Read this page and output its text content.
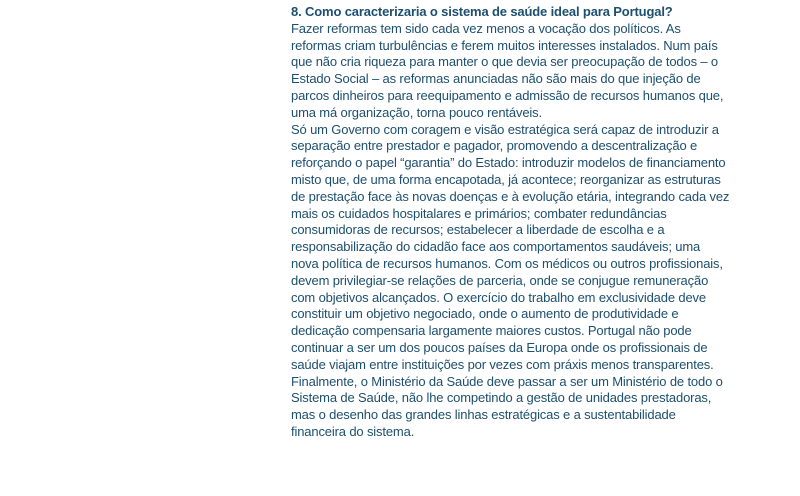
8. Como caracterizaria o sistema de saúde ideal para Portugal?

Fazer reformas tem sido cada vez menos a vocação dos políticos. As reformas criam turbulências e ferem muitos interesses instalados. Num país que não cria riqueza para manter o que devia ser preocupação de todos – o Estado Social – as reformas anunciadas não são mais do que injeção de parcos dinheiros para reequipamento e admissão de recursos humanos que, uma má organização, torna pouco rentáveis.

Só um Governo com coragem e visão estratégica será capaz de introduzir a separação entre prestador e pagador, promovendo a descentralização e reforçando o papel “garantia” do Estado: introduzir modelos de financiamento misto que, de uma forma encapotada, já acontece; reorganizar as estruturas de prestação face às novas doenças e à evolução etária, integrando cada vez mais os cuidados hospitalares e primários; combater redundâncias consumidoras de recursos; estabelecer a liberdade de escolha e a responsabilização do cidadão face aos comportamentos saudáveis; uma nova política de recursos humanos. Com os médicos ou outros profissionais, devem privilegiar-se relações de parceria, onde se conjugue remuneração com objetivos alcançados. O exercício do trabalho em exclusividade deve constituir um objetivo negociado, onde o aumento de produtividade e dedicação compensaria largamente maiores custos. Portugal não pode continuar a ser um dos poucos países da Europa onde os profissionais de saúde viajam entre instituições por vezes com práxis menos transparentes. Finalmente, o Ministério da Saúde deve passar a ser um Ministério de todo o Sistema de Saúde, não lhe competindo a gestão de unidades prestadoras, mas o desenho das grandes linhas estratégicas e a sustentabilidade financeira do sistema.
